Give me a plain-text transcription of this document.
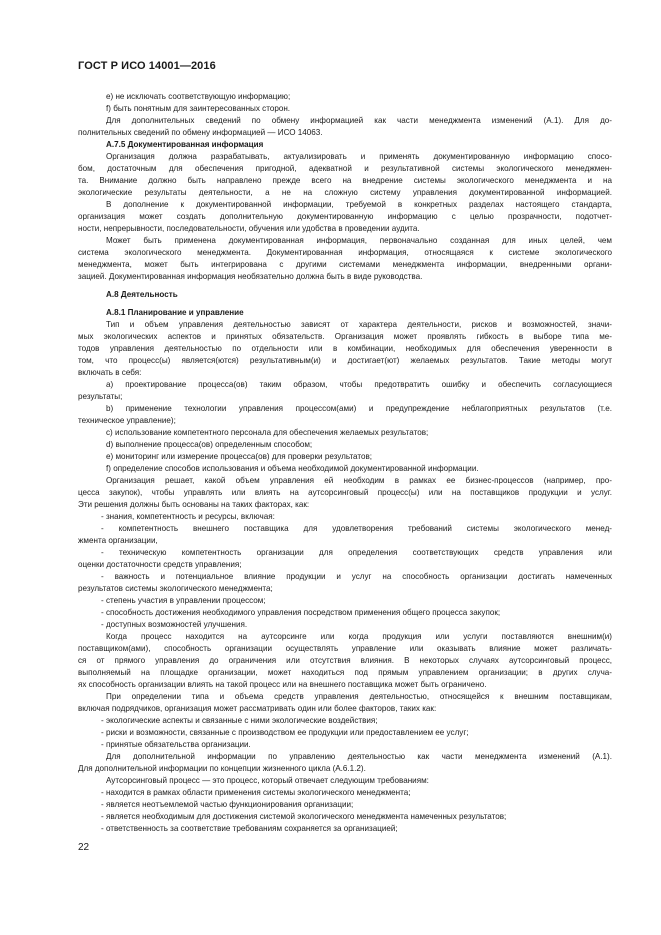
ГОСТ Р ИСО 14001—2016
е) не исключать соответствующую информацию;
f) быть понятным для заинтересованных сторон.
Для дополнительных сведений по обмену информацией как части менеджмента изменений (А.1). Для до-
полнительных сведений по обмену информацией — ИСО 14063.
А.7.5 Документированная информация
Организация должна разрабатывать, актуализировать и применять документированную информацию спосо-
бом, достаточным для обеспечения пригодной, адекватной и результативной системы экологического менеджмен-
та. Внимание должно быть направлено прежде всего на внедрение системы экологического менеджмента и на
экологические результаты деятельности, а не на сложную систему управления документированной информацией.
В дополнение к документированной информации, требуемой в конкретных разделах настоящего стандарта,
организация может создать дополнительную документированную информацию с целью прозрачности, подотчет-
ности, непрерывности, последовательности, обучения или удобства в проведении аудита.
Может быть применена документированная информация, первоначально созданная для иных целей, чем
система экологического менеджмента. Документированная информация, относящаяся к системе экологического
менеджмента, может быть интегрирована с другими системами менеджмента информации, внедренными органи-
зацией. Документированная информация необязательно должна быть в виде руководства.
А.8 Деятельность
А.8.1 Планирование и управление
Тип и объем управления деятельностью зависят от характера деятельности, рисков и возможностей, значи-
мых экологических аспектов и принятых обязательств. Организация может проявлять гибкость в выборе типа ме-
тодов управления деятельностью по отдельности или в комбинации, необходимых для обеспечения уверенности в
том, что процесс(ы) является(ются) результативным(и) и достигает(ют) желаемых результатов. Такие методы могут
включать в себя:
а) проектирование процесса(ов) таким образом, чтобы предотвратить ошибку и обеспечить согласующиеся
результаты;
b) применение технологии управления процессом(ами) и предупреждение неблагоприятных результатов (т.е.
техническое управление);
с) использование компетентного персонала для обеспечения желаемых результатов;
d) выполнение процесса(ов) определенным способом;
е) мониторинг или измерение процесса(ов) для проверки результатов;
f) определение способов использования и объема необходимой документированной информации.
Организация решает, какой объем управления ей необходим в рамках ее бизнес-процессов (например, про-
цесса закупок), чтобы управлять или влиять на аутсорсинговый процесс(ы) или на поставщиков продукции и услуг.
Эти решения должны быть основаны на таких факторах, как:
- знания, компетентность и ресурсы, включая:
- компетентность внешнего поставщика для удовлетворения требований системы экологического менед-
жмента организации,
- техническую компетентность организации для определения соответствующих средств управления или
оценки достаточности средств управления;
- важность и потенциальное влияние продукции и услуг на способность организации достигать намеченных
результатов системы экологического менеджмента;
- степень участия в управлении процессом;
- способность достижения необходимого управления посредством применения общего процесса закупок;
- доступных возможностей улучшения.
Когда процесс находится на аутсорсинге или когда продукция или услуги поставляются внешним(и)
поставщиком(ами), способность организации осуществлять управление или оказывать влияние может различать-
ся от прямого управления до ограничения или отсутствия влияния. В некоторых случаях аутсорсинговый процесс,
выполняемый на площадке организации, может находиться под прямым управлением организации; в других случа-
ях способность организации влиять на такой процесс или на внешнего поставщика может быть ограничено.
При определении типа и объема средств управления деятельностью, относящейся к внешним поставщикам,
включая подрядчиков, организация может рассматривать один или более факторов, таких как:
- экологические аспекты и связанные с ними экологические воздействия;
- риски и возможности, связанные с производством ее продукции или предоставлением ее услуг;
- принятые обязательства организации.
Для дополнительной информации по управлению деятельностью как части менеджмента изменений (А.1).
Для дополнительной информации по концепции жизненного цикла (А.6.1.2).
Аутсорсинговый процесс — это процесс, который отвечает следующим требованиям:
- находится в рамках области применения системы экологического менеджмента;
- является неотъемлемой частью функционирования организации;
- является необходимым для достижения системой экологического менеджмента намеченных результатов;
- ответственность за соответствие требованиям сохраняется за организацией;
22
